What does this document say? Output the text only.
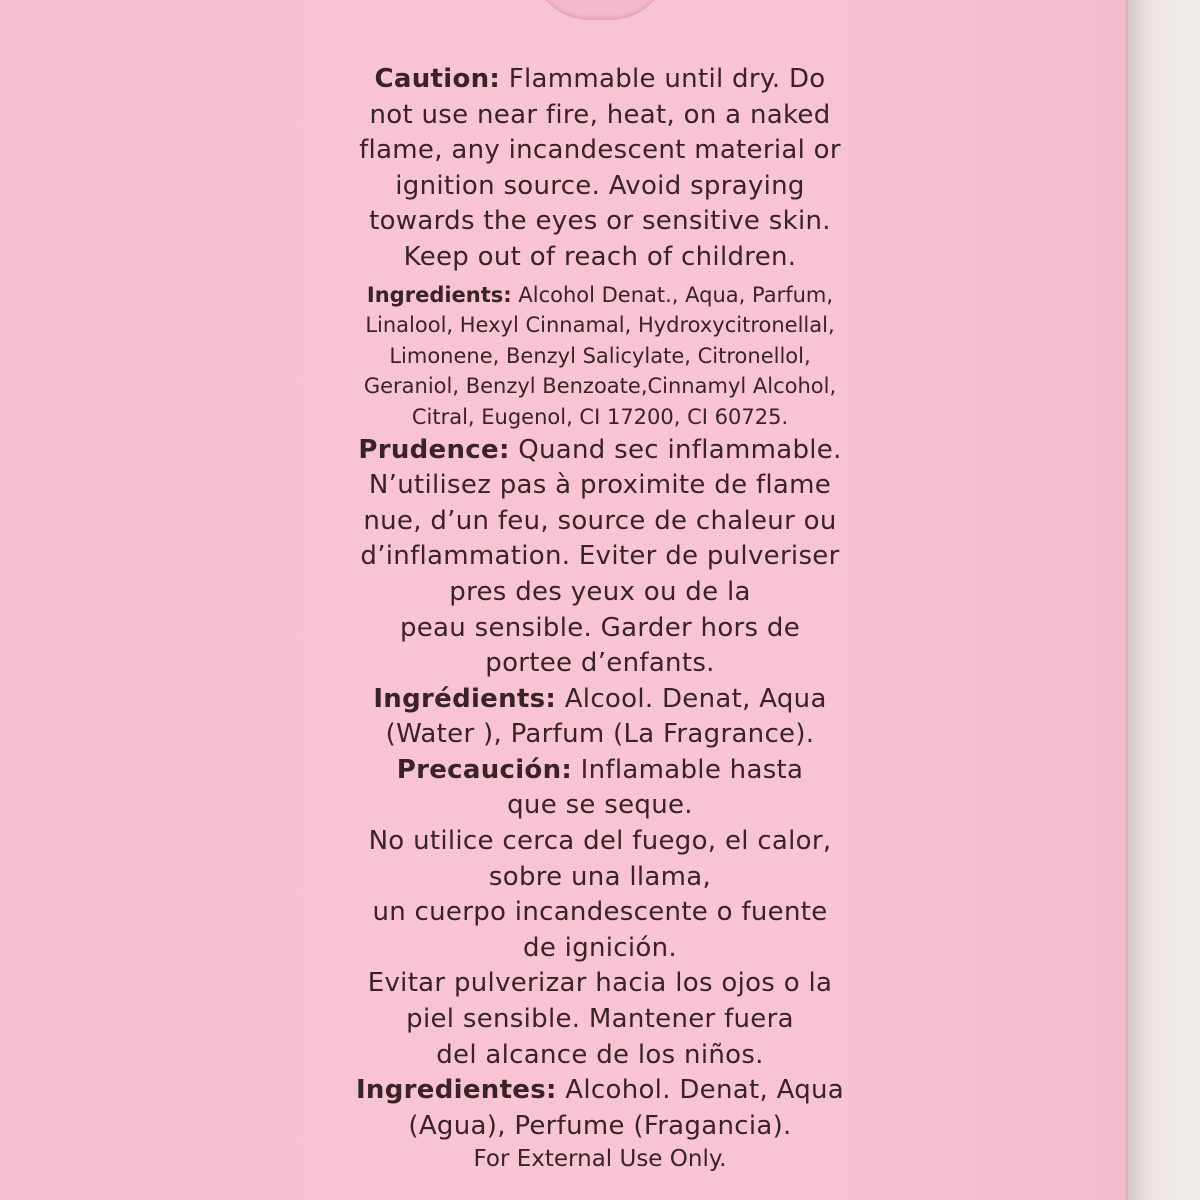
Caution: Flammable until dry. Do
not use near fire, heat, on a naked
flame, any incandescent material or
ignition source. Avoid spraying
towards the eyes or sensitive skin.
Keep out of reach of children.
Ingredients: Alcohol Denat., Aqua, Parfum,
Linalool, Hexyl Cinnamal, Hydroxycitronellal,
Limonene, Benzyl Salicylate, Citronellol,
Geraniol, Benzyl Benzoate,Cinnamyl Alcohol,
Citral, Eugenol, CI 17200, CI 60725.
Prudence: Quand sec inflammable.
N’utilisez pas à proximite de flame
nue, d’un feu, source de chaleur ou
d’inflammation. Eviter de pulveriser
pres des yeux ou de la
peau sensible. Garder hors de
portee d’enfants.
Ingrédients: Alcool. Denat, Aqua
(Water ), Parfum (La Fragrance).
Precaución: Inflamable hasta
que se seque.
No utilice cerca del fuego, el calor,
sobre una llama,
un cuerpo incandescente o fuente
de ignición.
Evitar pulverizar hacia los ojos o la
piel sensible. Mantener fuera
del alcance de los niños.
Ingredientes: Alcohol. Denat, Aqua
(Agua), Perfume (Fragancia).
For External Use Only.
